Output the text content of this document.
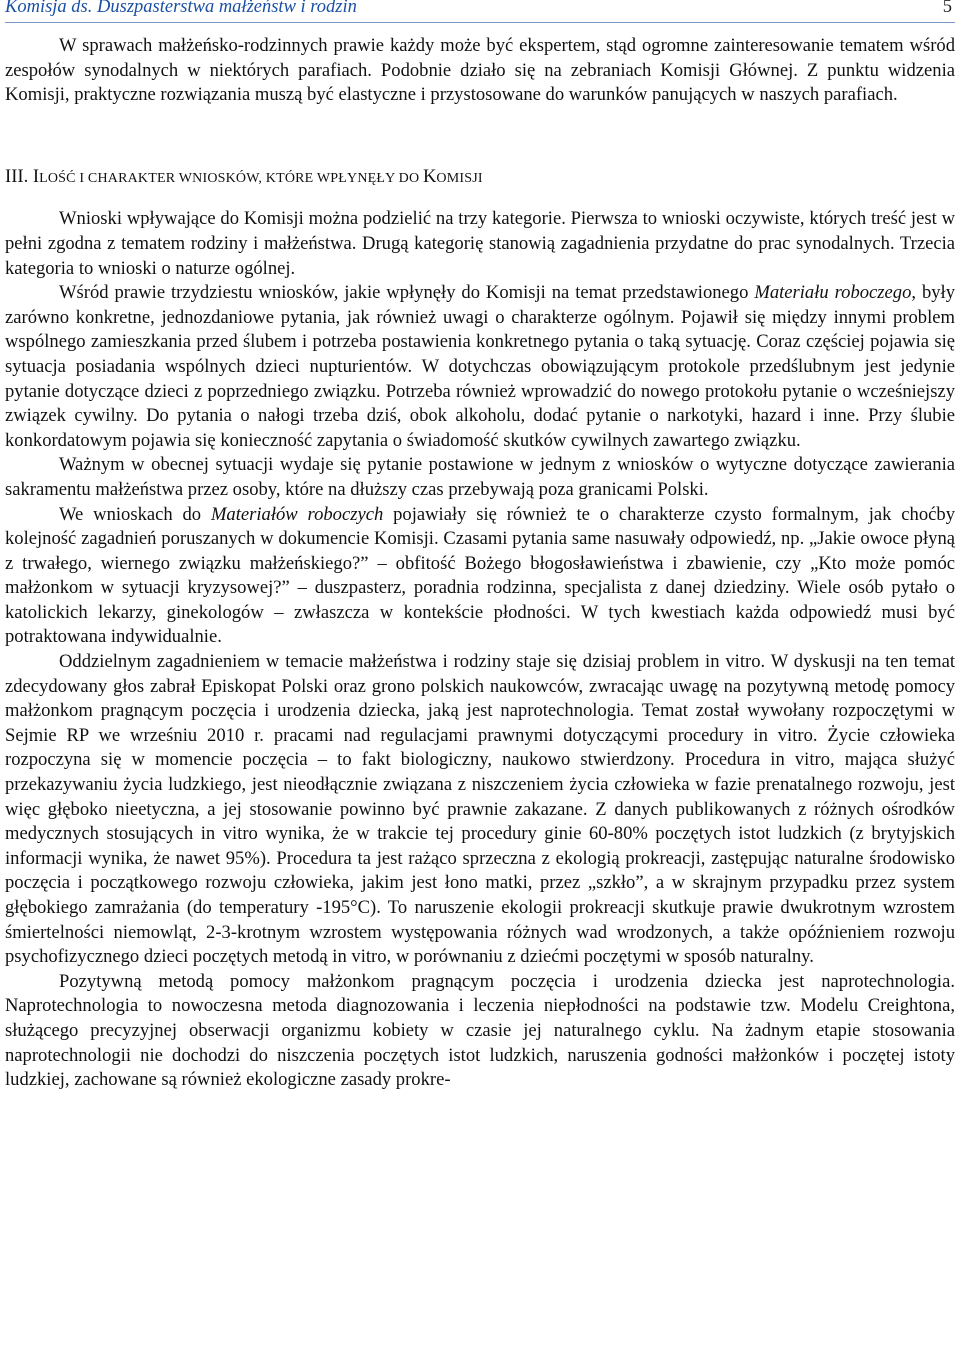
Komisja ds. Duszpasterstwa małżeństw i rodzin	5

W sprawach małżeńsko-rodzinnych prawie każdy może być ekspertem, stąd ogromne zainteresowanie tematem wśród zespołów synodalnych w niektórych parafiach. Podobnie działo się na zebraniach Komisji Głównej. Z punktu widzenia Komisji, praktyczne rozwiązania muszą być elastyczne i przystosowane do warunków panujących w naszych parafiach.

III. ILOŚĆ I CHARAKTER WNIOSKÓW, KTÓRE WPŁYNĘŁY DO KOMISJI

Wnioski wpływające do Komisji można podzielić na trzy kategorie. Pierwsza to wnioski oczywiste, których treść jest w pełni zgodna z tematem rodziny i małżeństwa. Drugą kategorię stanowią zagadnienia przydatne do prac synodalnych. Trzecia kategoria to wnioski o naturze ogólnej.

Wśród prawie trzydziestu wniosków, jakie wpłynęły do Komisji na temat przedstawionego Materiału roboczego, były zarówno konkretne, jednozdaniowe pytania, jak również uwagi o charakterze ogólnym. Pojawił się między innymi problem wspólnego zamieszkania przed ślubem i potrzeba postawienia konkretnego pytania o taką sytuację. Coraz częściej pojawia się sytuacja posiadania wspólnych dzieci nupturientów. W dotychczas obowiązującym protokole przedślubnym jest jedynie pytanie dotyczące dzieci z poprzedniego związku. Potrzeba również wprowadzić do nowego protokołu pytanie o wcześniejszy związek cywilny. Do pytania o nałogi trzeba dziś, obok alkoholu, dodać pytanie o narkotyki, hazard i inne. Przy ślubie konkordatowym pojawia się konieczność zapytania o świadomość skutków cywilnych zawartego związku.

Ważnym w obecnej sytuacji wydaje się pytanie postawione w jednym z wniosków o wytyczne dotyczące zawierania sakramentu małżeństwa przez osoby, które na dłuższy czas przebywają poza granicami Polski.

We wnioskach do Materiałów roboczych pojawiały się również te o charakterze czysto formalnym, jak choćby kolejność zagadnień poruszanych w dokumencie Komisji. Czasami pytania same nasuwały odpowiedź, np. „Jakie owoce płyną z trwałego, wiernego związku małżeńskiego?” – obfitość Bożego błogosławieństwa i zbawienie, czy „Kto może pomóc małżonkom w sytuacji kryzysowej?” – duszpasterz, poradnia rodzinna, specjalista z danej dziedziny. Wiele osób pytało o katolickich lekarzy, ginekologów – zwłaszcza w kontekście płodności. W tych kwestiach każda odpowiedź musi być potraktowana indywidualnie.

Oddzielnym zagadnieniem w temacie małżeństwa i rodziny staje się dzisiaj problem in vitro. W dyskusji na ten temat zdecydowany głos zabrał Episkopat Polski oraz grono polskich naukowców, zwracając uwagę na pozytywną metodę pomocy małżonkom pragnącym poczęcia i urodzenia dziecka, jaką jest naprotechnologia. Temat został wywołany rozpoczętymi w Sejmie RP we wrześniu 2010 r. pracami nad regulacjami prawnymi dotyczącymi procedury in vitro. Życie człowieka rozpoczyna się w momencie poczęcia – to fakt biologiczny, naukowo stwierdzony. Procedura in vitro, mająca służyć przekazywaniu życia ludzkiego, jest nieodłącznie związana z niszczeniem życia człowieka w fazie prenatalnego rozwoju, jest więc głęboko nieetyczna, a jej stosowanie powinno być prawnie zakazane. Z danych publikowanych z różnych ośrodków medycznych stosujących in vitro wynika, że w trakcie tej procedury ginie 60-80% poczętych istot ludzkich (z brytyjskich informacji wynika, że nawet 95%). Procedura ta jest rażąco sprzeczna z ekologią prokreacji, zastępując naturalne środowisko poczęcia i początkowego rozwoju człowieka, jakim jest łono matki, przez „szkło”, a w skrajnym przypadku przez system głębokiego zamrażania (do temperatury -195°C). To naruszenie ekologii prokreacji skutkuje prawie dwukrotnym wzrostem śmiertelności niemowląt, 2-3-krotnym wzrostem występowania różnych wad wrodzonych, a także opóźnieniem rozwoju psychofizycznego dzieci poczętych metodą in vitro, w porównaniu z dziećmi poczętymi w sposób naturalny.

Pozytywną metodą pomocy małżonkom pragnącym poczęcia i urodzenia dziecka jest naprotechnologia. Naprotechnologia to nowoczesna metoda diagnozowania i leczenia niepłodności na podstawie tzw. Modelu Creightona, służącego precyzyjnej obserwacji organizmu kobiety w czasie jej naturalnego cyklu. Na żadnym etapie stosowania naprotechnologii nie dochodzi do niszczenia poczętych istot ludzkich, naruszenia godności małżonków i poczętej istoty ludzkiej, zachowane są również ekologiczne zasady prokre-
